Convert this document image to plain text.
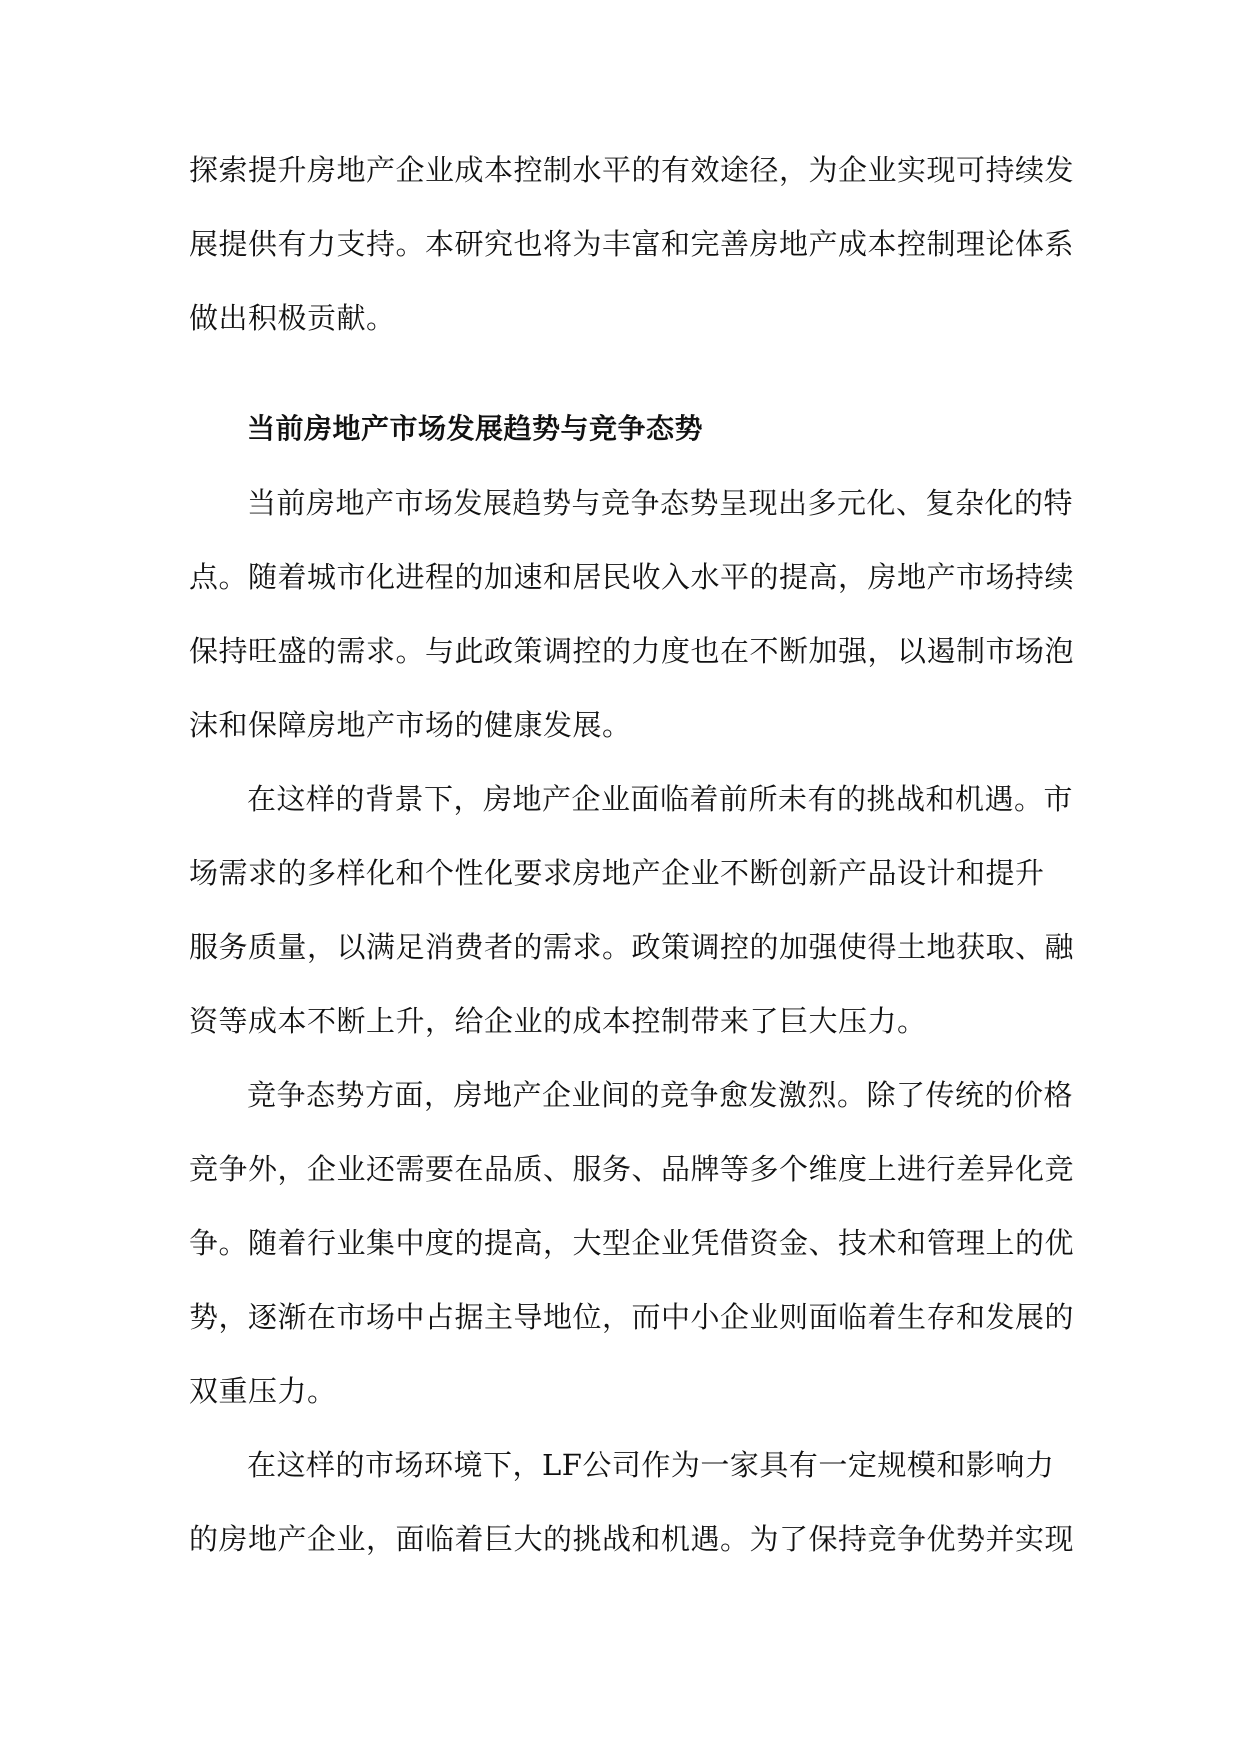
探索提升房地产企业成本控制水平的有效途径，为企业实现可持续发
展提供有力支持。本研究也将为丰富和完善房地产成本控制理论体系
做出积极贡献。
当前房地产市场发展趋势与竞争态势
当前房地产市场发展趋势与竞争态势呈现出多元化、复杂化的特
点。随着城市化进程的加速和居民收入水平的提高，房地产市场持续
保持旺盛的需求。与此政策调控的力度也在不断加强，以遏制市场泡
沫和保障房地产市场的健康发展。
在这样的背景下，房地产企业面临着前所未有的挑战和机遇。市
场需求的多样化和个性化要求房地产企业不断创新产品设计和提升
服务质量，以满足消费者的需求。政策调控的加强使得土地获取、融
资等成本不断上升，给企业的成本控制带来了巨大压力。
竞争态势方面，房地产企业间的竞争愈发激烈。除了传统的价格
竞争外，企业还需要在品质、服务、品牌等多个维度上进行差异化竞
争。随着行业集中度的提高，大型企业凭借资金、技术和管理上的优
势，逐渐在市场中占据主导地位，而中小企业则面临着生存和发展的
双重压力。
在这样的市场环境下，LF公司作为一家具有一定规模和影响力
的房地产企业，面临着巨大的挑战和机遇。为了保持竞争优势并实现
